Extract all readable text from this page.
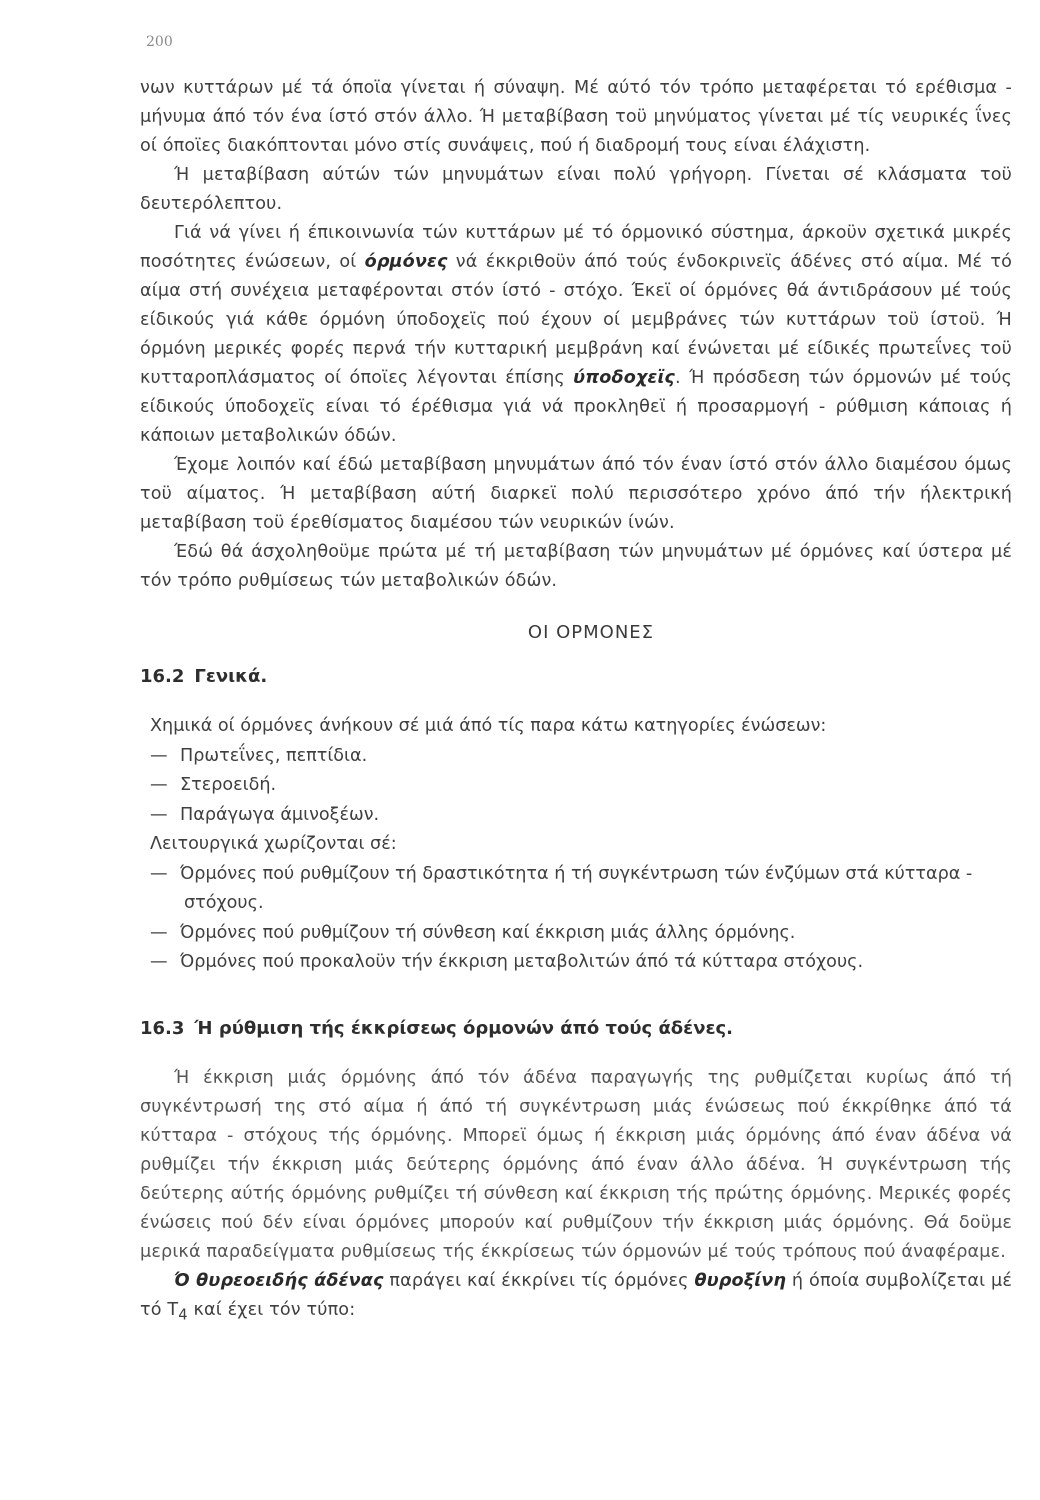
200

νων κυττάρων μέ τά όποϊα γίνεται ή σύναψη. Μέ αύτό τόν τρόπο μεταφέρεται τό ερέθισμα - μήνυμα άπό τόν ένα ίστό στόν άλλο. Ή μεταβίβαση τοϋ μηνύματος γίνεται μέ τίς νευρικές ΐνες οί όποϊες διακόπτονται μόνο στίς συνάψεις, πού ή διαδρομή τους είναι έλάχιστη.

Ή μεταβίβαση αύτών τών μηνυμάτων είναι πολύ γρήγορη. Γίνεται σέ κλάσματα τοϋ δευτερόλεπτου.

Γιά νά γίνει ή έπικοινωνία τών κυττάρων μέ τό όρμονικό σύστημα, άρκοϋν σχετικά μικρές ποσότητες ένώσεων, οί όρμόνες νά έκκριθοϋν άπό τούς ένδοκρινεϊς άδένες στό αίμα. Μέ τό αίμα στή συνέχεια μεταφέρονται στόν ίστό - στόχο. Έκεϊ οί όρμόνες θά άντιδράσουν μέ τούς είδικούς γιά κάθε όρμόνη ύποδοχεϊς πού έχουν οί μεμβράνες τών κυττάρων τοϋ ίστοϋ. Ή όρμόνη μερικές φορές περνά τήν κυτταρική μεμβράνη καί ένώνεται μέ είδικές πρωτεΐνες τοϋ κυτταροπλάσματος οί όποϊες λέγονται έπίσης ύποδοχεϊς. Ή πρόσδεση τών όρμονών μέ τούς είδικούς ύποδοχεϊς είναι τό έρέθισμα γιά νά προκληθεϊ ή προσαρμογή - ρύθμιση κάποιας ή κάποιων μεταβολικών όδών.

Έχομε λοιπόν καί έδώ μεταβίβαση μηνυμάτων άπό τόν έναν ίστό στόν άλλο διαμέσου όμως τοϋ αίματος. Ή μεταβίβαση αύτή διαρκεϊ πολύ περισσότερο χρόνο άπό τήν ήλεκτρική μεταβίβαση τοϋ έρεθίσματος διαμέσου τών νευρικών ίνών.

Έδώ θά άσχοληθοϋμε πρώτα μέ τή μεταβίβαση τών μηνυμάτων μέ όρμόνες καί ύστερα μέ τόν τρόπο ρυθμίσεως τών μεταβολικών όδών.

ΟΙ ΟΡΜΟΝΕΣ
16.2 Γενικά.

Χημικά οί όρμόνες άνήκουν σέ μιά άπό τίς παρα κάτω κατηγορίες ένώσεων:

— Πρωτεΐνες, πεπτίδια.

— Στεροειδή.

— Παράγωγα άμινοξέων.

Λειτουργικά χωρίζονται σέ:

— Όρμόνες πού ρυθμίζουν τή δραστικότητα ή τή συγκέντρωση τών ένζύμων στά κύτταρα - στόχους.

— Όρμόνες πού ρυθμίζουν τή σύνθεση καί έκκριση μιάς άλλης όρμόνης.

— Όρμόνες πού προκαλοϋν τήν έκκριση μεταβολιτών άπό τά κύτταρα στόχους.

16.3 Ή ρύθμιση τής έκκρίσεως όρμονών άπό τούς άδένες.

Ή έκκριση μιάς όρμόνης άπό τόν άδένα παραγωγής της ρυθμίζεται κυρίως άπό τή συγκέντρωσή της στό αίμα ή άπό τή συγκέντρωση μιάς ένώσεως πού έκκρίθηκε άπό τά κύτταρα - στόχους τής όρμόνης. Μπορεϊ όμως ή έκκριση μιάς όρμόνης άπό έναν άδένα νά ρυθμίζει τήν έκκριση μιάς δεύτερης όρμόνης άπό έναν άλλο άδένα. Ή συγκέντρωση τής δεύτερης αύτής όρμόνης ρυθμίζει τή σύνθεση καί έκκριση τής πρώτης όρμόνης. Μερικές φορές ένώσεις πού δέν είναι όρμόνες μπορούν καί ρυθμίζουν τήν έκκριση μιάς όρμόνης. Θά δοϋμε μερικά παραδείγματα ρυθμίσεως τής έκκρίσεως τών όρμονών μέ τούς τρόπους πού άναφέραμε.

Ό θυρεοειδής άδένας παράγει καί έκκρίνει τίς όρμόνες θυροξίνη ή όποία συμβολίζεται μέ τό $T_4$ καί έχει τόν τύπο:
